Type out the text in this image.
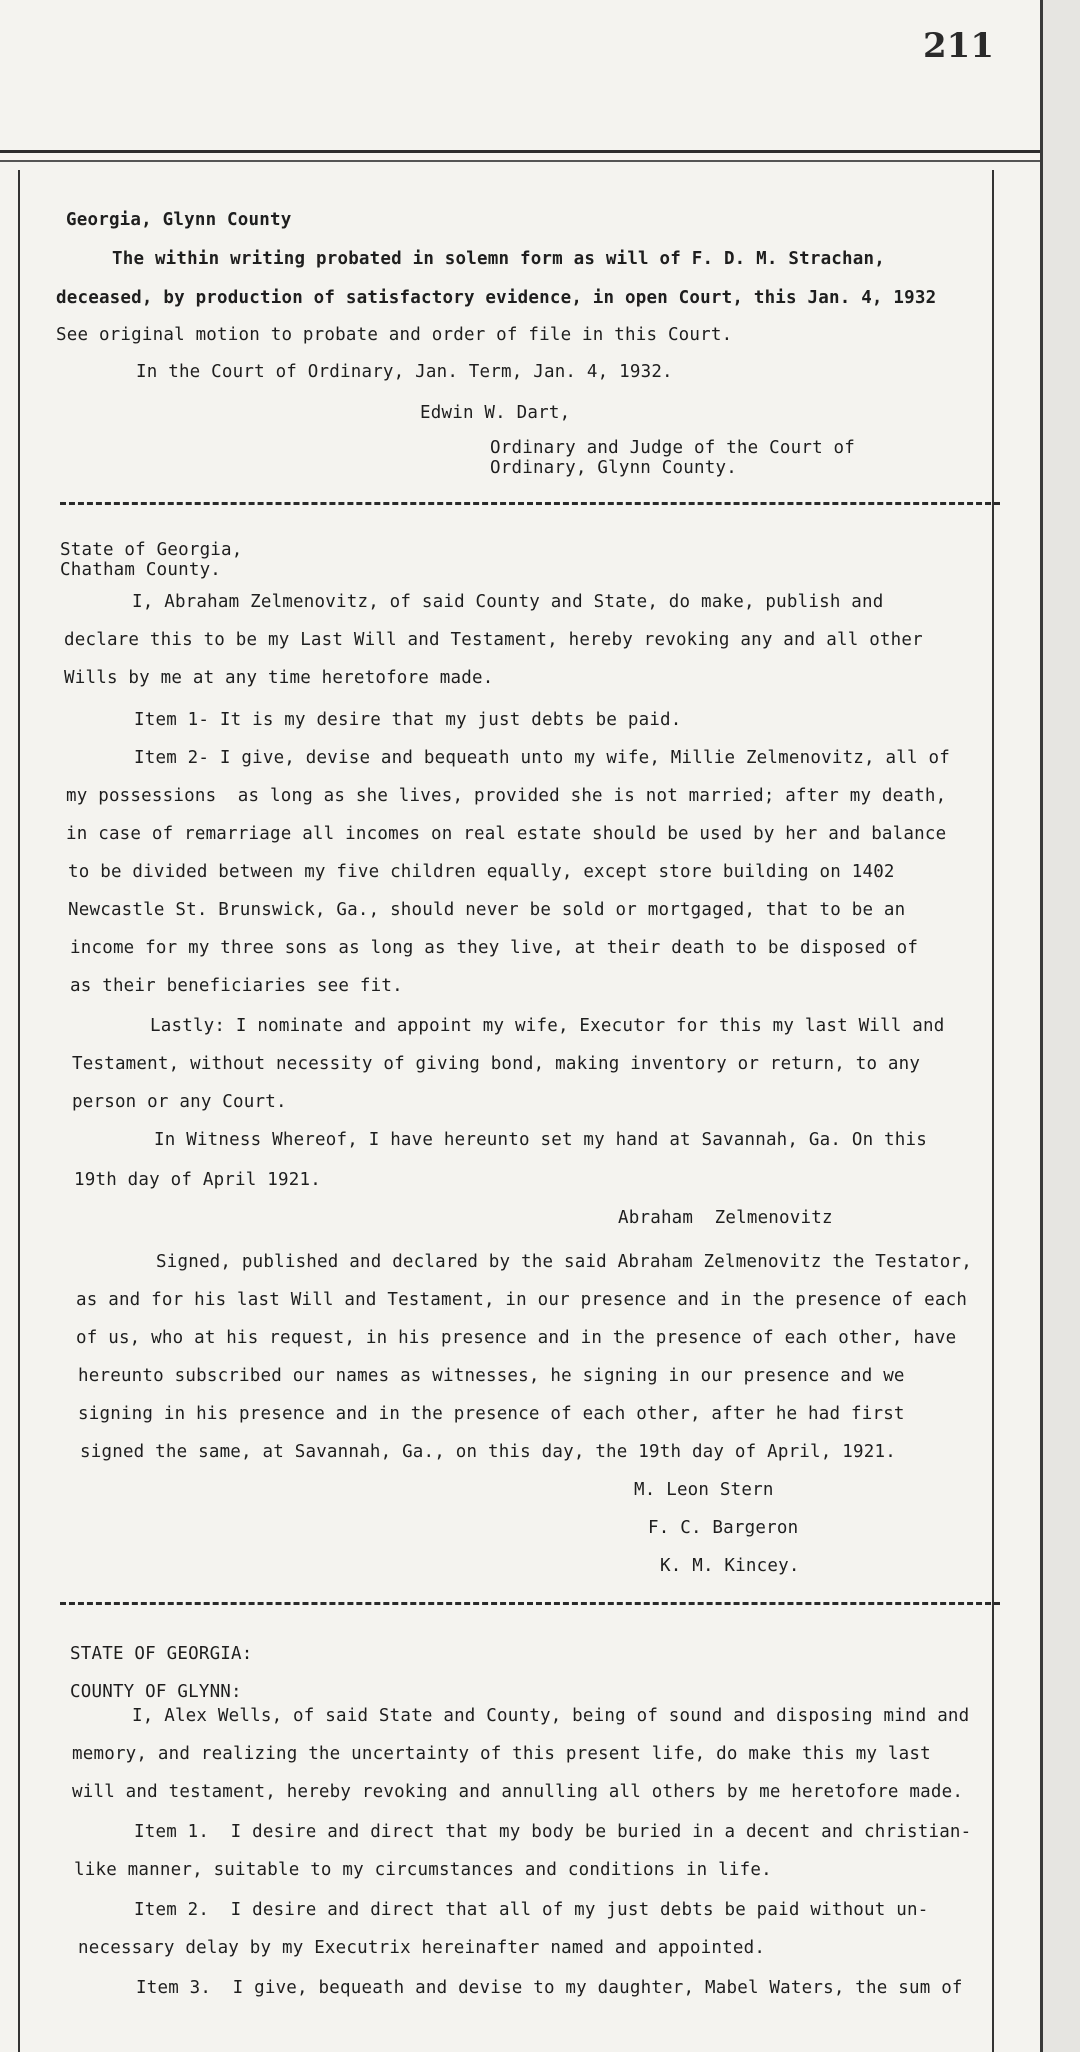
211
Georgia, Glynn County
The within writing probated in solemn form as will of F. D. M. Strachan,
deceased, by production of satisfactory evidence, in open Court, this Jan. 4, 1932
See original motion to probate and order of file in this Court.
In the Court of Ordinary, Jan. Term, Jan. 4, 1932.
Edwin W. Dart,
Ordinary and Judge of the Court of
Ordinary, Glynn County.
State of Georgia,
Chatham County.
I, Abraham Zelmenovitz, of said County and State, do make, publish and
declare this to be my Last Will and Testament, hereby revoking any and all other
Wills by me at any time heretofore made.
Item 1- It is my desire that my just debts be paid.
Item 2- I give, devise and bequeath unto my wife, Millie Zelmenovitz, all of
my possessions  as long as she lives, provided she is not married; after my death,
in case of remarriage all incomes on real estate should be used by her and balance
to be divided between my five children equally, except store building on 1402
Newcastle St. Brunswick, Ga., should never be sold or mortgaged, that to be an
income for my three sons as long as they live, at their death to be disposed of
as their beneficiaries see fit.
Lastly: I nominate and appoint my wife, Executor for this my last Will and
Testament, without necessity of giving bond, making inventory or return, to any
person or any Court.
In Witness Whereof, I have hereunto set my hand at Savannah, Ga. On this
19th day of April 1921.
Abraham  Zelmenovitz
Signed, published and declared by the said Abraham Zelmenovitz the Testator,
as and for his last Will and Testament, in our presence and in the presence of each
of us, who at his request, in his presence and in the presence of each other, have
hereunto subscribed our names as witnesses, he signing in our presence and we
signing in his presence and in the presence of each other, after he had first
signed the same, at Savannah, Ga., on this day, the 19th day of April, 1921.
M. Leon Stern
F. C. Bargeron
K. M. Kincey.
STATE OF GEORGIA:
COUNTY OF GLYNN:
I, Alex Wells, of said State and County, being of sound and disposing mind and
memory, and realizing the uncertainty of this present life, do make this my last
will and testament, hereby revoking and annulling all others by me heretofore made.
Item 1.  I desire and direct that my body be buried in a decent and christian-
like manner, suitable to my circumstances and conditions in life.
Item 2.  I desire and direct that all of my just debts be paid without un-
necessary delay by my Executrix hereinafter named and appointed.
Item 3.  I give, bequeath and devise to my daughter, Mabel Waters, the sum of
